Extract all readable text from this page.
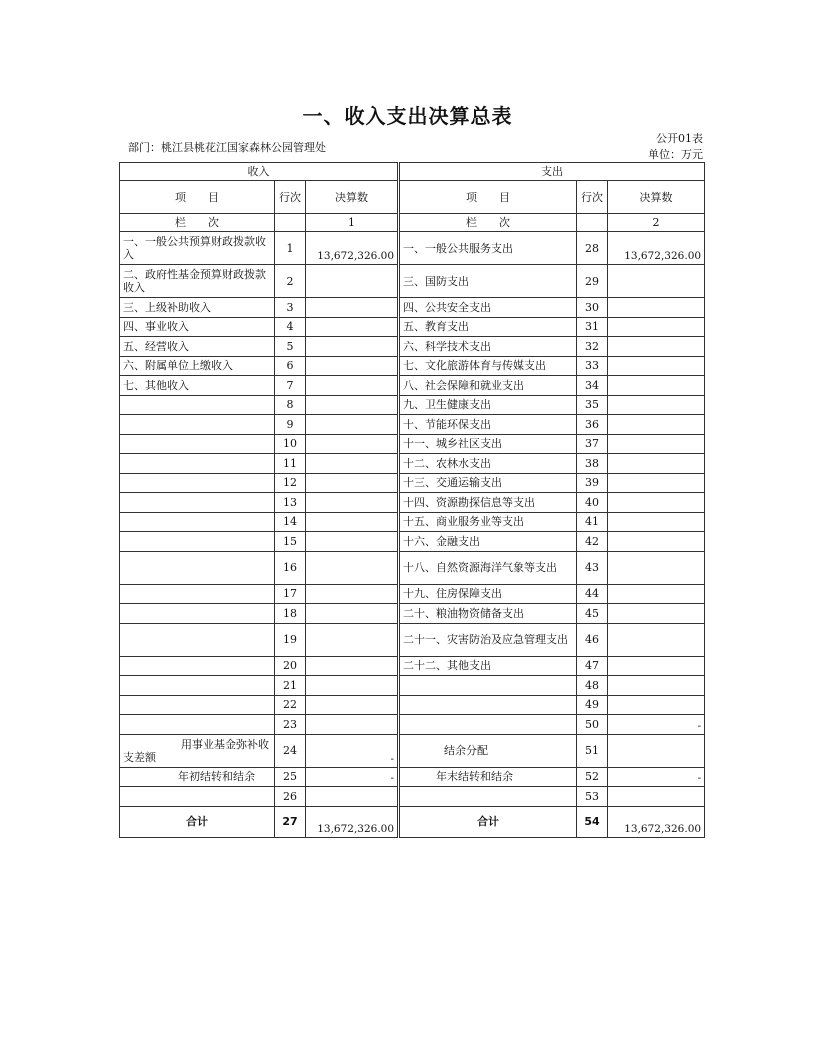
一、收入支出决算总表
部门：桃江县桃花江国家森林公园管理处
公开01表
单位：万元
收入				支出		
项　　目	行次	决算数		项　　目	行次	决算数
栏　　次		1		栏　　次		2
一、一般公共预算财政拨款收入	1	13,672,326.00		一、一般公共服务支出	28	13,672,326.00
二、政府性基金预算财政拨款收入	2			三、国防支出	29	
三、上级补助收入	3			四、公共安全支出	30	
四、事业收入	4			五、教育支出	31	
五、经营收入	5			六、科学技术支出	32	
六、附属单位上缴收入	6			七、文化旅游体育与传媒支出	33	
七、其他收入	7			八、社会保障和就业支出	34	
	8			九、卫生健康支出	35	
	9			十、节能环保支出	36	
	10			十一、城乡社区支出	37	
	11			十二、农林水支出	38	
	12			十三、交通运输支出	39	
	13			十四、资源勘探信息等支出	40	
	14			十五、商业服务业等支出	41	
	15			十六、金融支出	42	
	16			十八、自然资源海洋气象等支出	43	
	17			十九、住房保障支出	44	
	18			二十、粮油物资储备支出	45	
	19			二十一、灾害防治及应急管理支出	46	
	20			二十二、其他支出	47	
	21				48	
	22				49	
	23				50	-
用事业基金弥补收支差额	24	-		结余分配	51	
年初结转和结余	25	-		年末结转和结余	52	-
	26				53	
合计	27	13,672,326.00		合计	54	13,672,326.00
